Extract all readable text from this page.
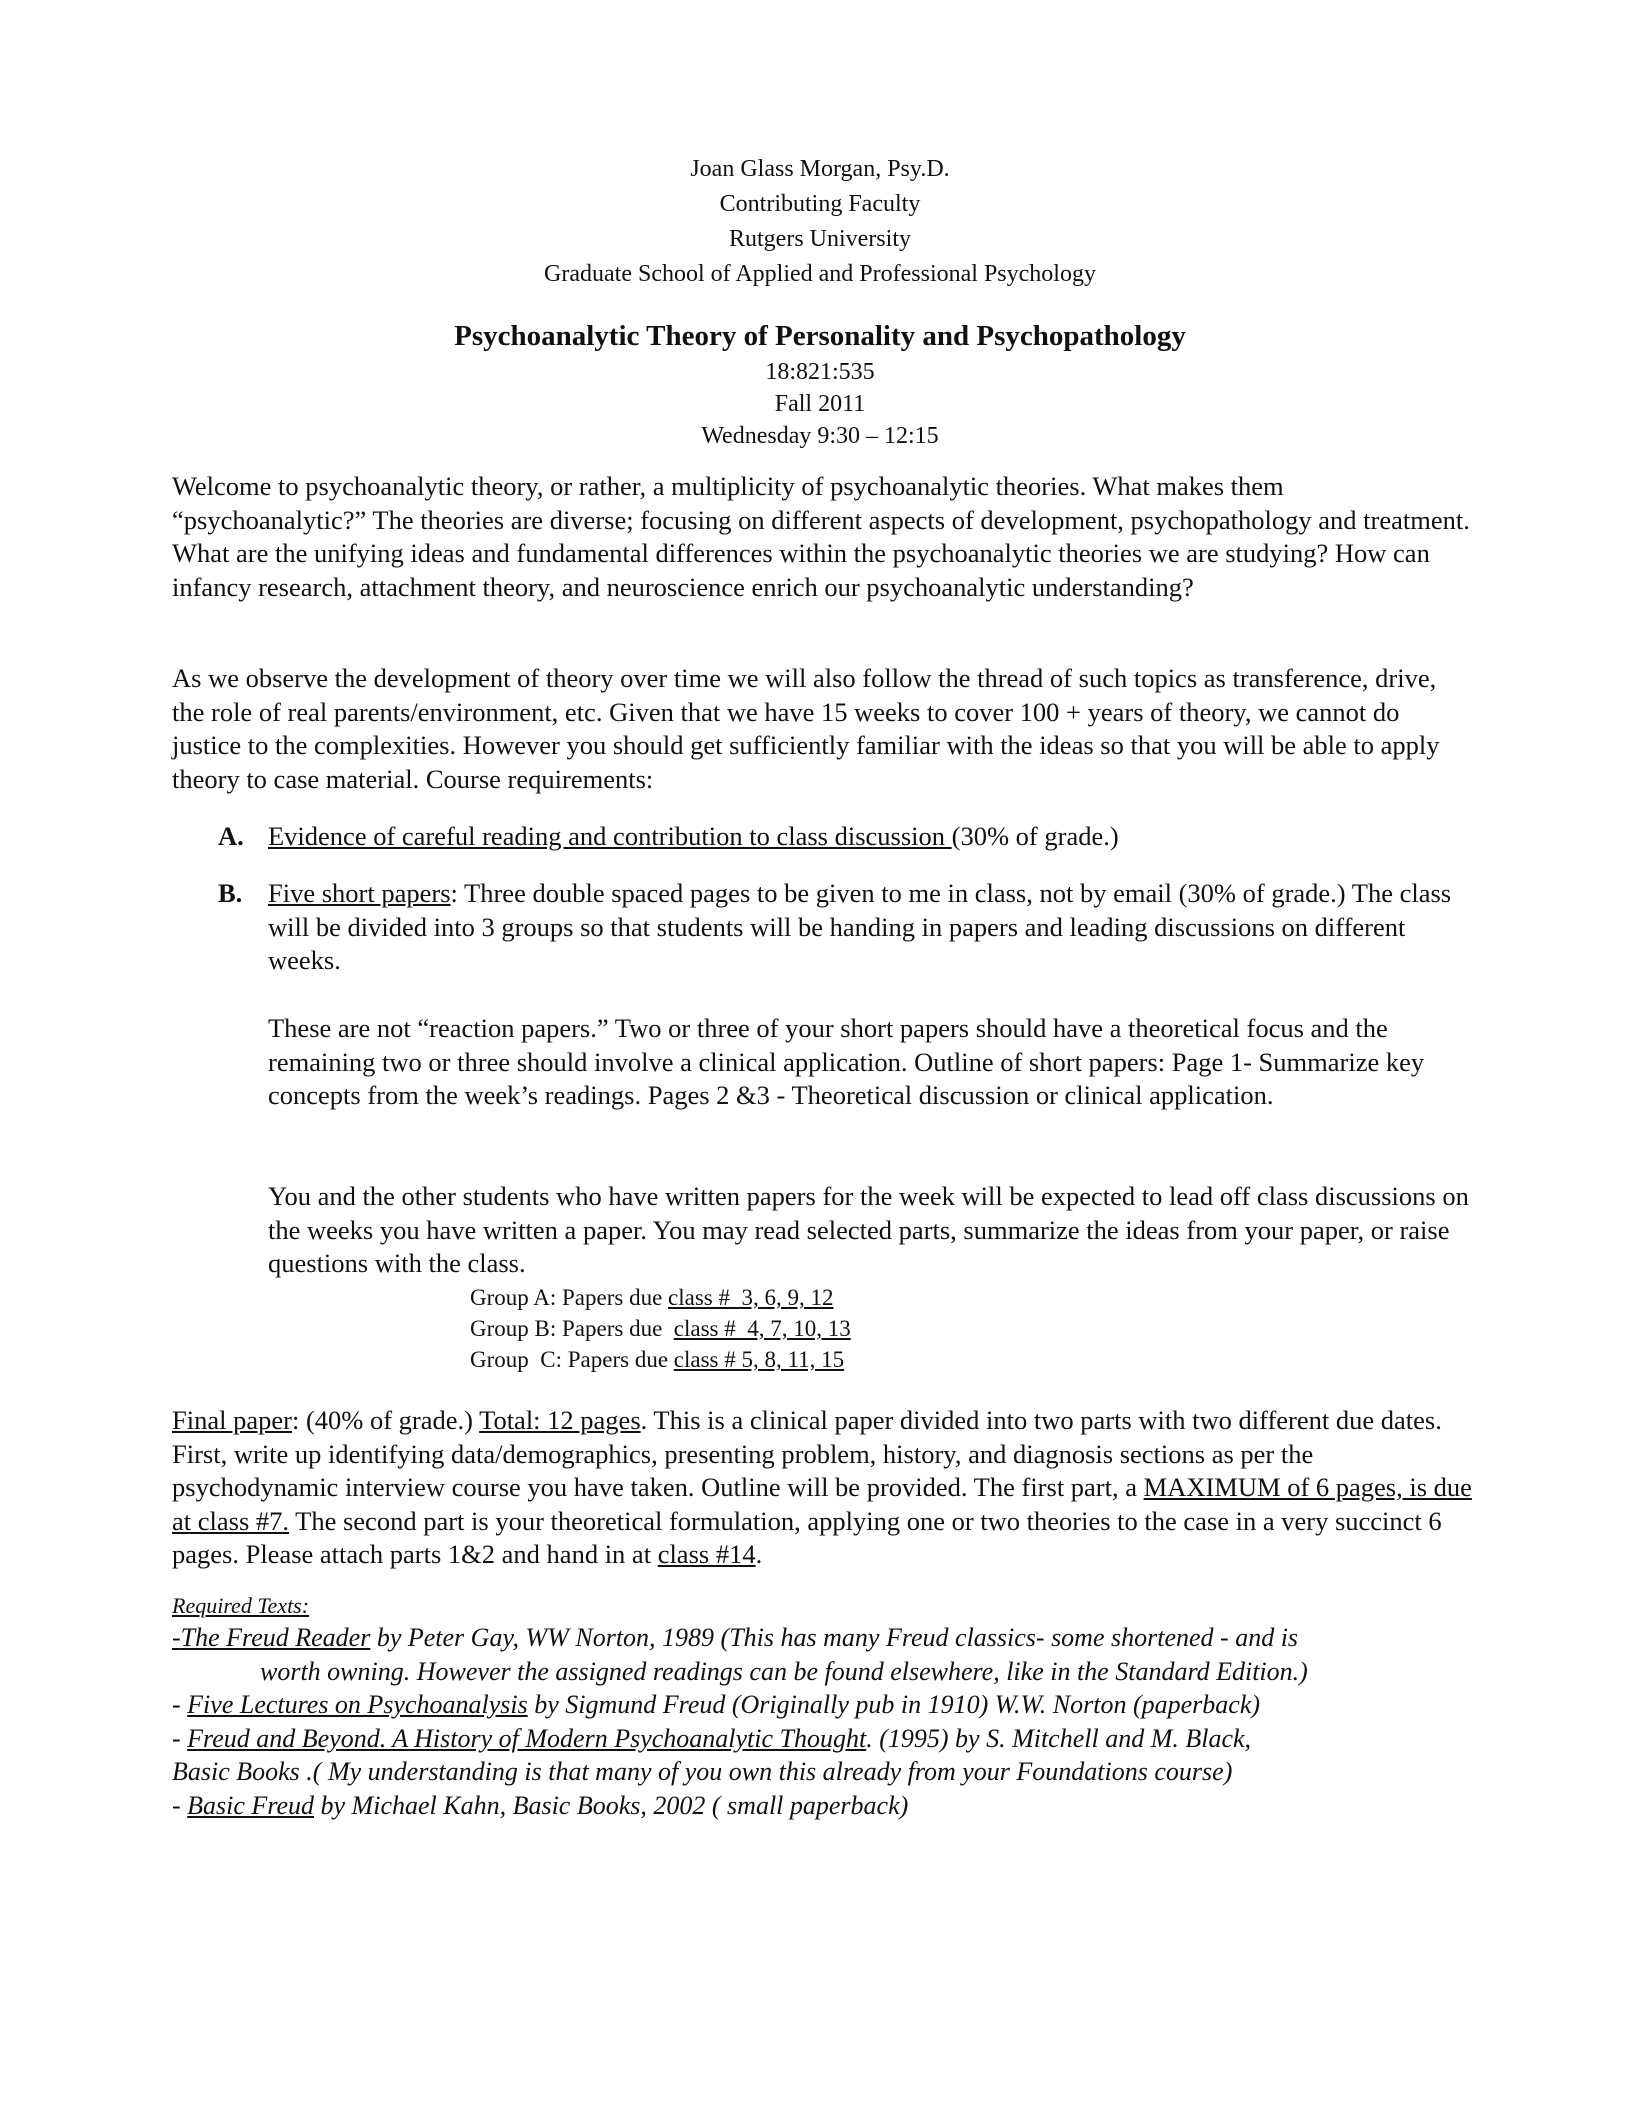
Joan Glass Morgan, Psy.D.
Contributing Faculty
Rutgers University
Graduate School of Applied and Professional Psychology
Psychoanalytic Theory of Personality and Psychopathology
18:821:535
Fall 2011
Wednesday 9:30 – 12:15
Welcome to psychoanalytic theory, or rather, a multiplicity of psychoanalytic theories. What makes them “psychoanalytic?” The theories are diverse; focusing on different aspects of development, psychopathology and treatment. What are the unifying ideas and fundamental differences within the psychoanalytic theories we are studying? How can infancy research, attachment theory, and neuroscience enrich our psychoanalytic understanding?
As we observe the development of theory over time we will also follow the thread of such topics as transference, drive, the role of real parents/environment, etc. Given that we have 15 weeks to cover 100 + years of theory, we cannot do justice to the complexities. However you should get sufficiently familiar with the ideas so that you will be able to apply theory to case material. Course requirements:
A. Evidence of careful reading and contribution to class discussion (30% of grade.)
B. Five short papers: Three double spaced pages to be given to me in class, not by email (30% of grade.) The class will be divided into 3 groups so that students will be handing in papers and leading discussions on different weeks.
These are not “reaction papers.” Two or three of your short papers should have a theoretical focus and the remaining two or three should involve a clinical application. Outline of short papers: Page 1- Summarize key concepts from the week’s readings. Pages 2 &3 - Theoretical discussion or clinical application.
You and the other students who have written papers for the week will be expected to lead off class discussions on the weeks you have written a paper. You may read selected parts, summarize the ideas from your paper, or raise questions with the class.
Group A: Papers due class #  3, 6, 9, 12
Group B: Papers due  class #  4, 7, 10, 13
Group  C: Papers due class # 5, 8, 11, 15
Final paper: (40% of grade.) Total: 12 pages. This is a clinical paper divided into two parts with two different due dates. First, write up identifying data/demographics, presenting problem, history, and diagnosis sections as per the psychodynamic interview course you have taken. Outline will be provided. The first part, a MAXIMUM of 6 pages, is due at class #7. The second part is your theoretical formulation, applying one or two theories to the case in a very succinct 6 pages. Please attach parts 1&2 and hand in at class #14.
Required Texts:
-The Freud Reader by Peter Gay, WW Norton, 1989 (This has many Freud classics- some shortened - and is
worth owning. However the assigned readings can be found elsewhere, like in the Standard Edition.)
- Five Lectures on Psychoanalysis by Sigmund Freud (Originally pub in 1910) W.W. Norton (paperback)
- Freud and Beyond. A History of Modern Psychoanalytic Thought. (1995) by S. Mitchell and M. Black,
Basic Books .( My understanding is that many of you own this already from your Foundations course)
- Basic Freud by Michael Kahn, Basic Books, 2002 ( small paperback)
